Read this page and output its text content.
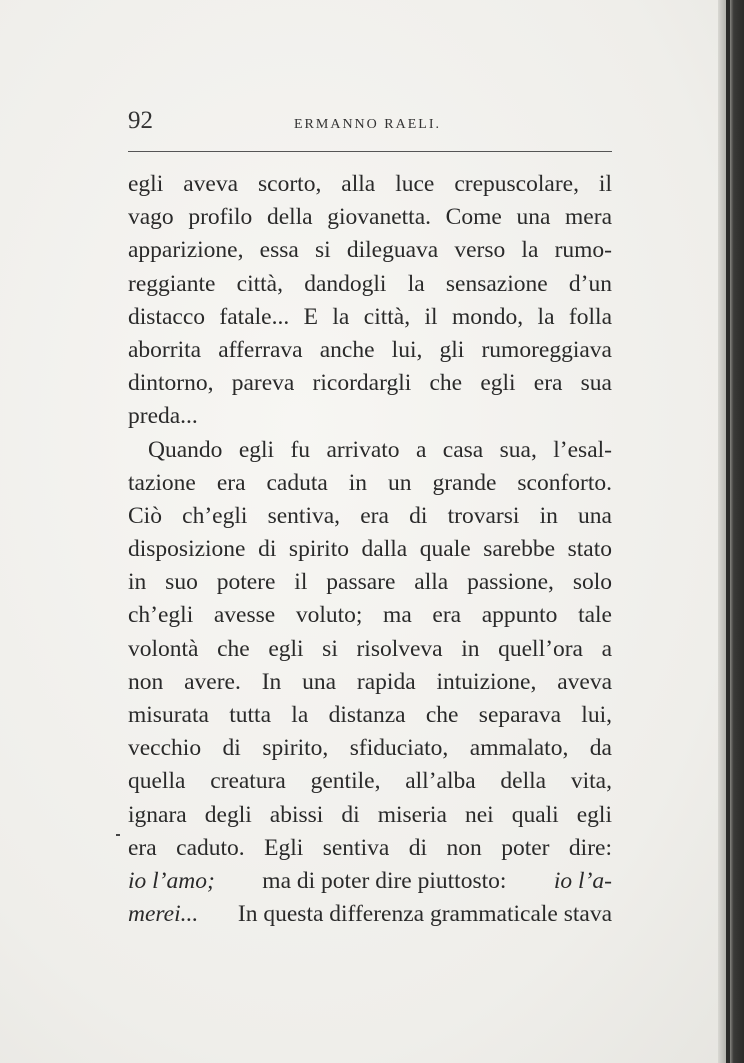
92	ERMANNO RAELI.
egli aveva scorto, alla luce crepuscolare, il
vago profilo della giovanetta. Come una mera
apparizione, essa si dileguava verso la rumo-
reggiante città, dandogli la sensazione d’un
distacco fatale... E la città, il mondo, la folla
aborrita afferrava anche lui, gli rumoreggiava
dintorno, pareva ricordargli che egli era sua
preda...
Quando egli fu arrivato a casa sua, l’esal-
tazione era caduta in un grande sconforto.
Ciò ch’egli sentiva, era di trovarsi in una
disposizione di spirito dalla quale sarebbe stato
in suo potere il passare alla passione, solo
ch’egli avesse voluto; ma era appunto tale
volontà che egli si risolveva in quell’ora a
non avere. In una rapida intuizione, aveva
misurata tutta la distanza che separava lui,
vecchio di spirito, sfiduciato, ammalato, da
quella creatura gentile, all’alba della vita,
ignara degli abissi di miseria nei quali egli
era caduto. Egli sentiva di non poter dire:
io l’amo; ma di poter dire piuttosto: io l’a-
merei... In questa differenza grammaticale stava
